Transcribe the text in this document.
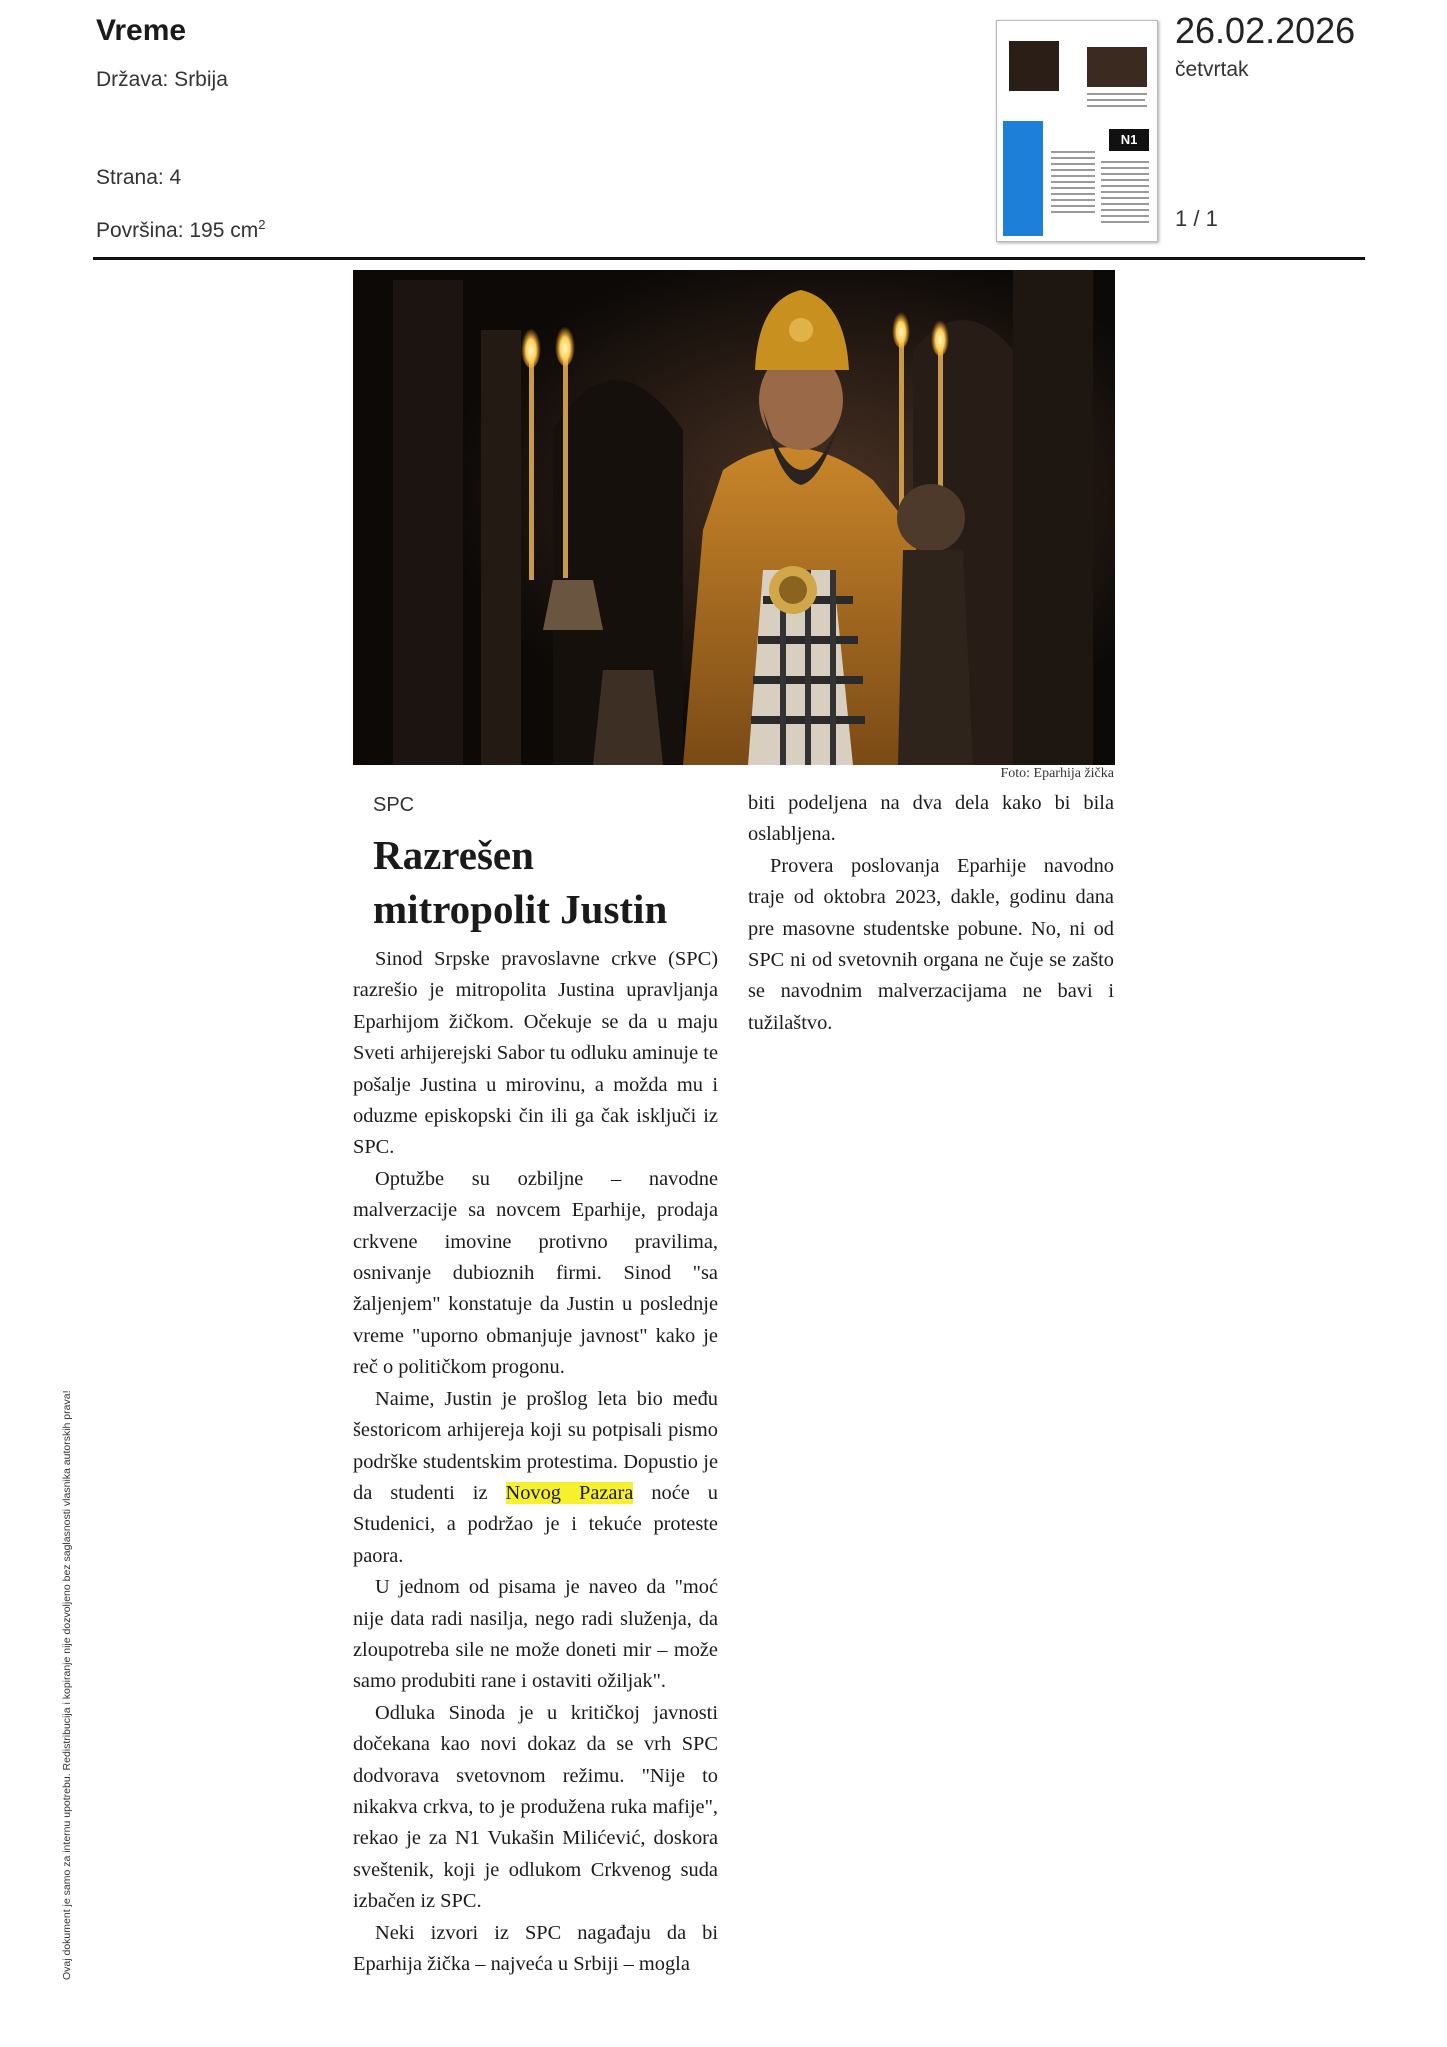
Vreme
Država: Srbija
Strana: 4
Površina: 195 $cm^2$
N1
26.02.2026
četvrtak
1 / 1
Foto: Eparhija žička
SPC
Razrešen
mitropolit Justin

Sinod Srpske pravoslavne crkve (SPC) razrešio je mitropolita Justina upravljanja Eparhijom žičkom. Očekuje se da u maju Sveti arhijerejski Sabor tu odluku aminuje te pošalje Justina u mirovinu, a možda mu i oduzme episkopski čin ili ga čak isključi iz SPC.

Optužbe su ozbiljne – navodne malverzacije sa novcem Eparhije, prodaja crkvene imovine protivno pravilima, osnivanje dubioznih firmi. Sinod "sa žaljenjem" konstatuje da Justin u poslednje vreme "uporno obmanjuje javnost" kako je reč o političkom progonu.

Naime, Justin je prošlog leta bio među šestoricom arhijereja koji su potpisali pismo podrške studentskim protestima. Dopustio je da studenti iz Novog Pazara noće u Studenici, a podržao je i tekuće proteste paora.

U jednom od pisama je naveo da "moć nije data radi nasilja, nego radi služenja, da zloupotreba sile ne može doneti mir – može samo produbiti rane i ostaviti ožiljak".

Odluka Sinoda je u kritičkoj javnosti dočekana kao novi dokaz da se vrh SPC dodvorava svetovnom režimu. "Nije to nikakva crkva, to je produžena ruka mafije", rekao je za N1 Vukašin Milićević, doskora sveštenik, koji je odlukom Crkvenog suda izbačen iz SPC.

Neki izvori iz SPC nagađaju da bi Eparhija žička – najveća u Srbiji – mogla

biti podeljena na dva dela kako bi bila oslabljena.

Provera poslovanja Eparhije navodno traje od oktobra 2023, dakle, godinu dana pre masovne studentske pobune. No, ni od SPC ni od svetovnih organa ne čuje se zašto se navodnim malverzacijama ne bavi i tužilaštvo.

Ovaj dokument je samo za internu upotrebu. Redistribucija i kopiranje nije dozvoljeno bez saglasnosti vlasnika autorskih prava!
